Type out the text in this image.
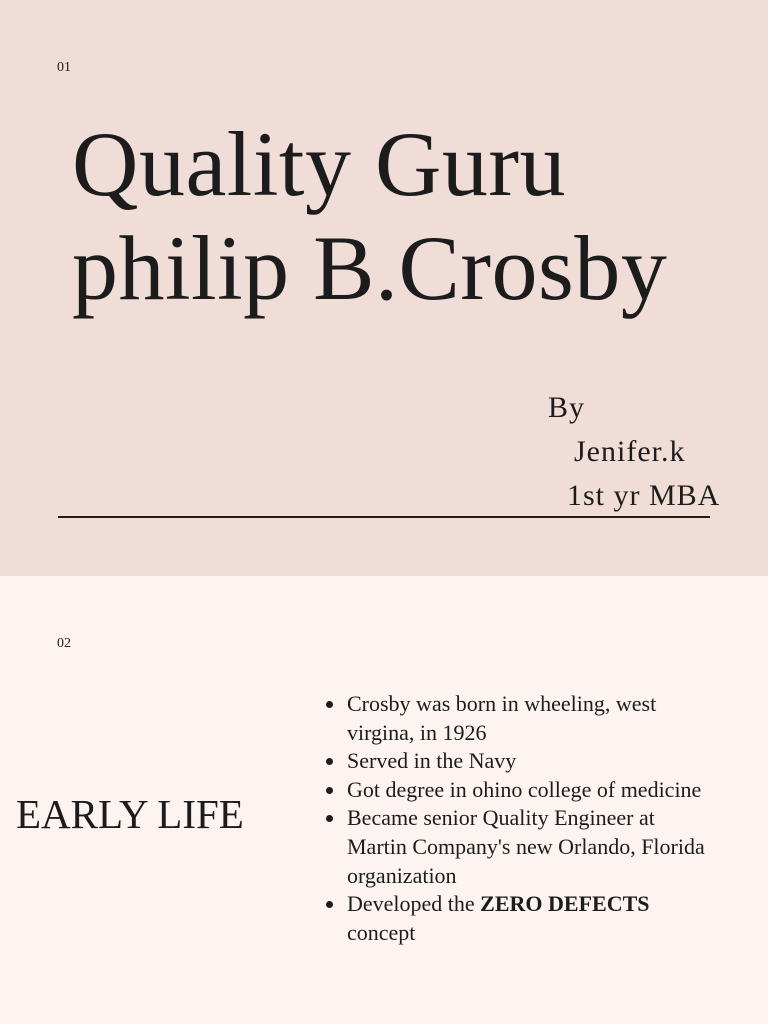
01
Quality Guru
philip B.Crosby
By
Jenifer.k
1st yr MBA
02
EARLY LIFE
Crosby was born in wheeling, west virgina, in 1926
Served in the Navy
Got degree in ohino college of medicine
Became senior Quality Engineer at Martin Company's new Orlando, Florida organization
Developed the ZERO DEFECTS concept
